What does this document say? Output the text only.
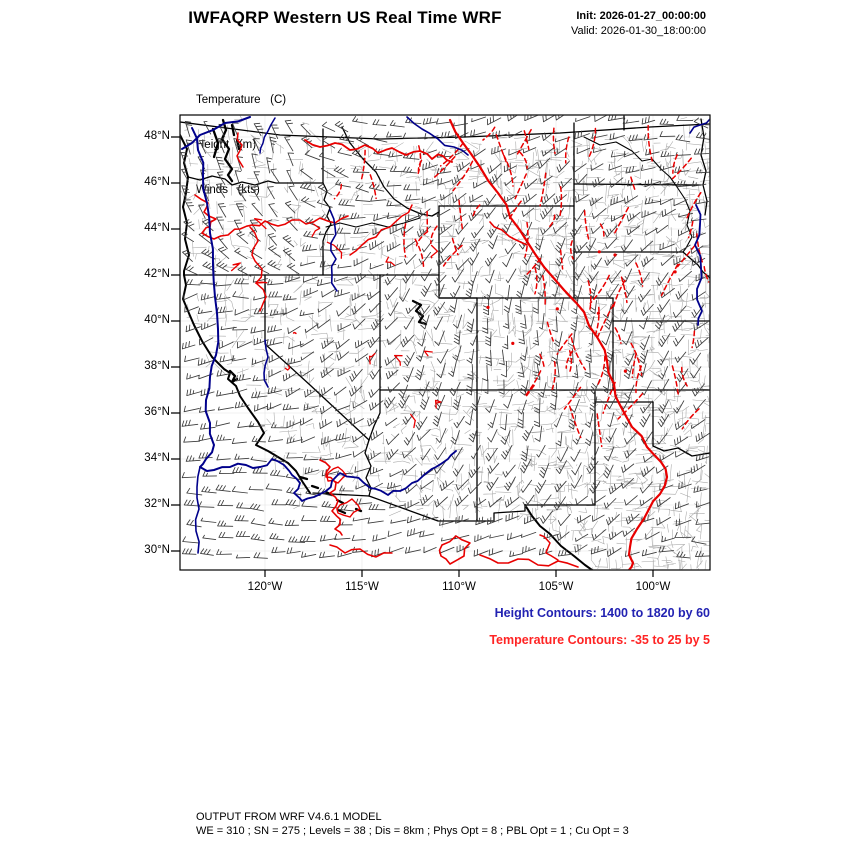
IWFAQRP Western US Real Time WRF	Init: 2026-01-27_00:00:00
Valid: 2026-01-30_18:00:00

Temperature   (C)

Height   (m)

Winds   (kts)

48°N
46°N
44°N
42°N
40°N
38°N
36°N
34°N
32°N
30°N
120°W	115°W	110°W	105°W	100°W
Height Contours: 1400 to 1820 by 60
Temperature Contours: -35 to 25 by 5
OUTPUT FROM WRF V4.6.1 MODEL
WE = 310 ; SN = 275 ; Levels = 38 ; Dis = 8km ; Phys Opt = 8 ; PBL Opt = 1 ; Cu Opt = 3
